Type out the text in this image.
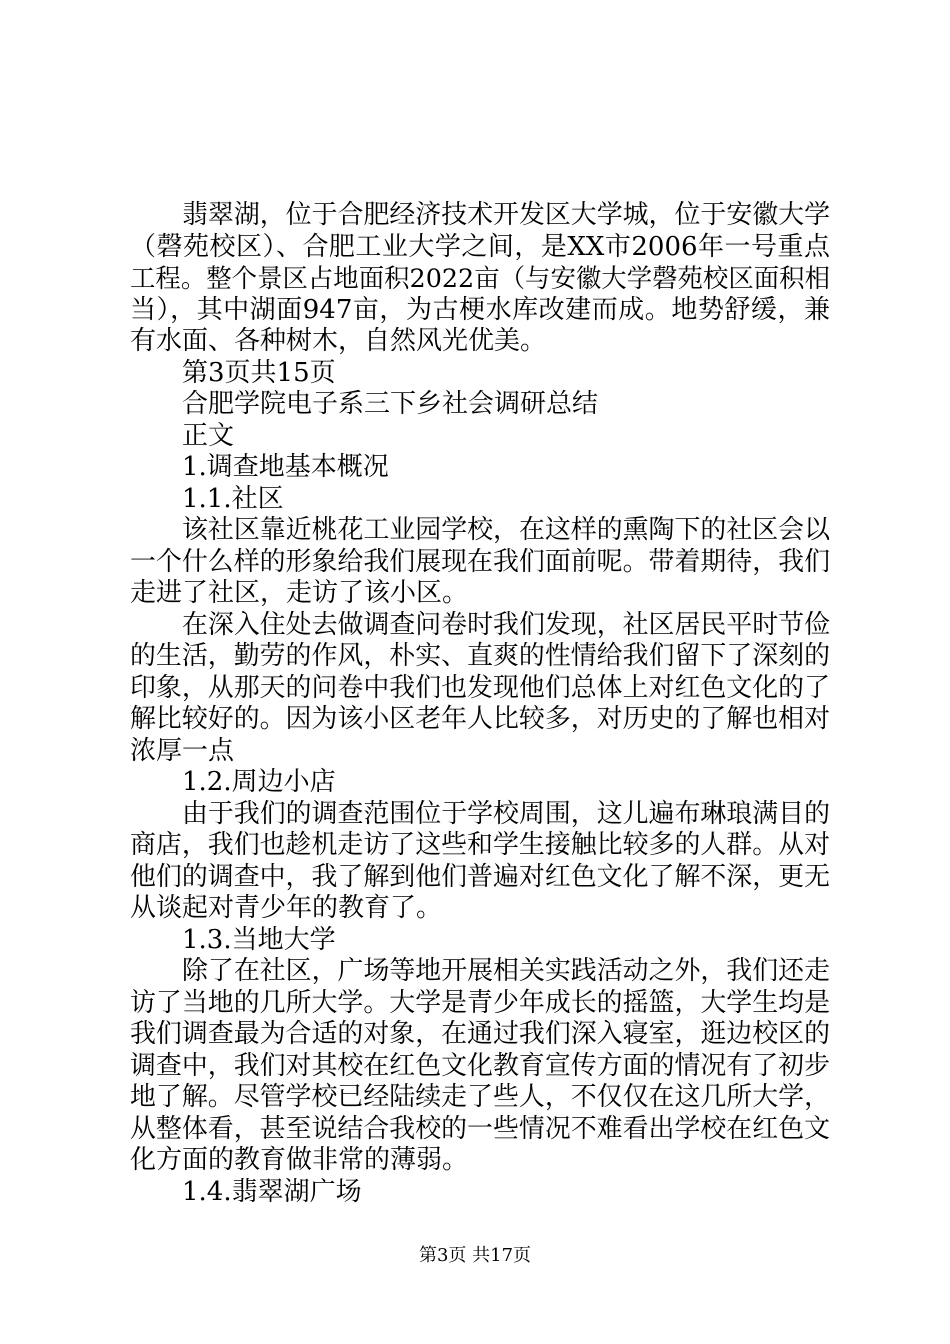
翡翠湖，位于合肥经济技术开发区大学城，位于安徽大学
（磬苑校区）、合肥工业大学之间，是XX市2006年一号重点
工程。整个景区占地面积2022亩（与安徽大学磬苑校区面积相
当），其中湖面947亩，为古梗水库改建而成。地势舒缓，兼
有水面、各种树木，自然风光优美。
第3页共15页
合肥学院电子系三下乡社会调研总结
正文
1.调查地基本概况
1.1.社区
该社区靠近桃花工业园学校，在这样的熏陶下的社区会以
一个什么样的形象给我们展现在我们面前呢。带着期待，我们
走进了社区，走访了该小区。
在深入住处去做调查问卷时我们发现，社区居民平时节俭
的生活，勤劳的作风，朴实、直爽的性情给我们留下了深刻的
印象，从那天的问卷中我们也发现他们总体上对红色文化的了
解比较好的。因为该小区老年人比较多，对历史的了解也相对
浓厚一点
1.2.周边小店
由于我们的调查范围位于学校周围，这儿遍布琳琅满目的
商店，我们也趁机走访了这些和学生接触比较多的人群。从对
他们的调查中，我了解到他们普遍对红色文化了解不深，更无
从谈起对青少年的教育了。
1.3.当地大学
除了在社区，广场等地开展相关实践活动之外，我们还走
访了当地的几所大学。大学是青少年成长的摇篮，大学生均是
我们调查最为合适的对象，在通过我们深入寝室，逛边校区的
调查中，我们对其校在红色文化教育宣传方面的情况有了初步
地了解。尽管学校已经陆续走了些人，不仅仅在这几所大学，
从整体看，甚至说结合我校的一些情况不难看出学校在红色文
化方面的教育做非常的薄弱。
1.4.翡翠湖广场
第3页 共17页
